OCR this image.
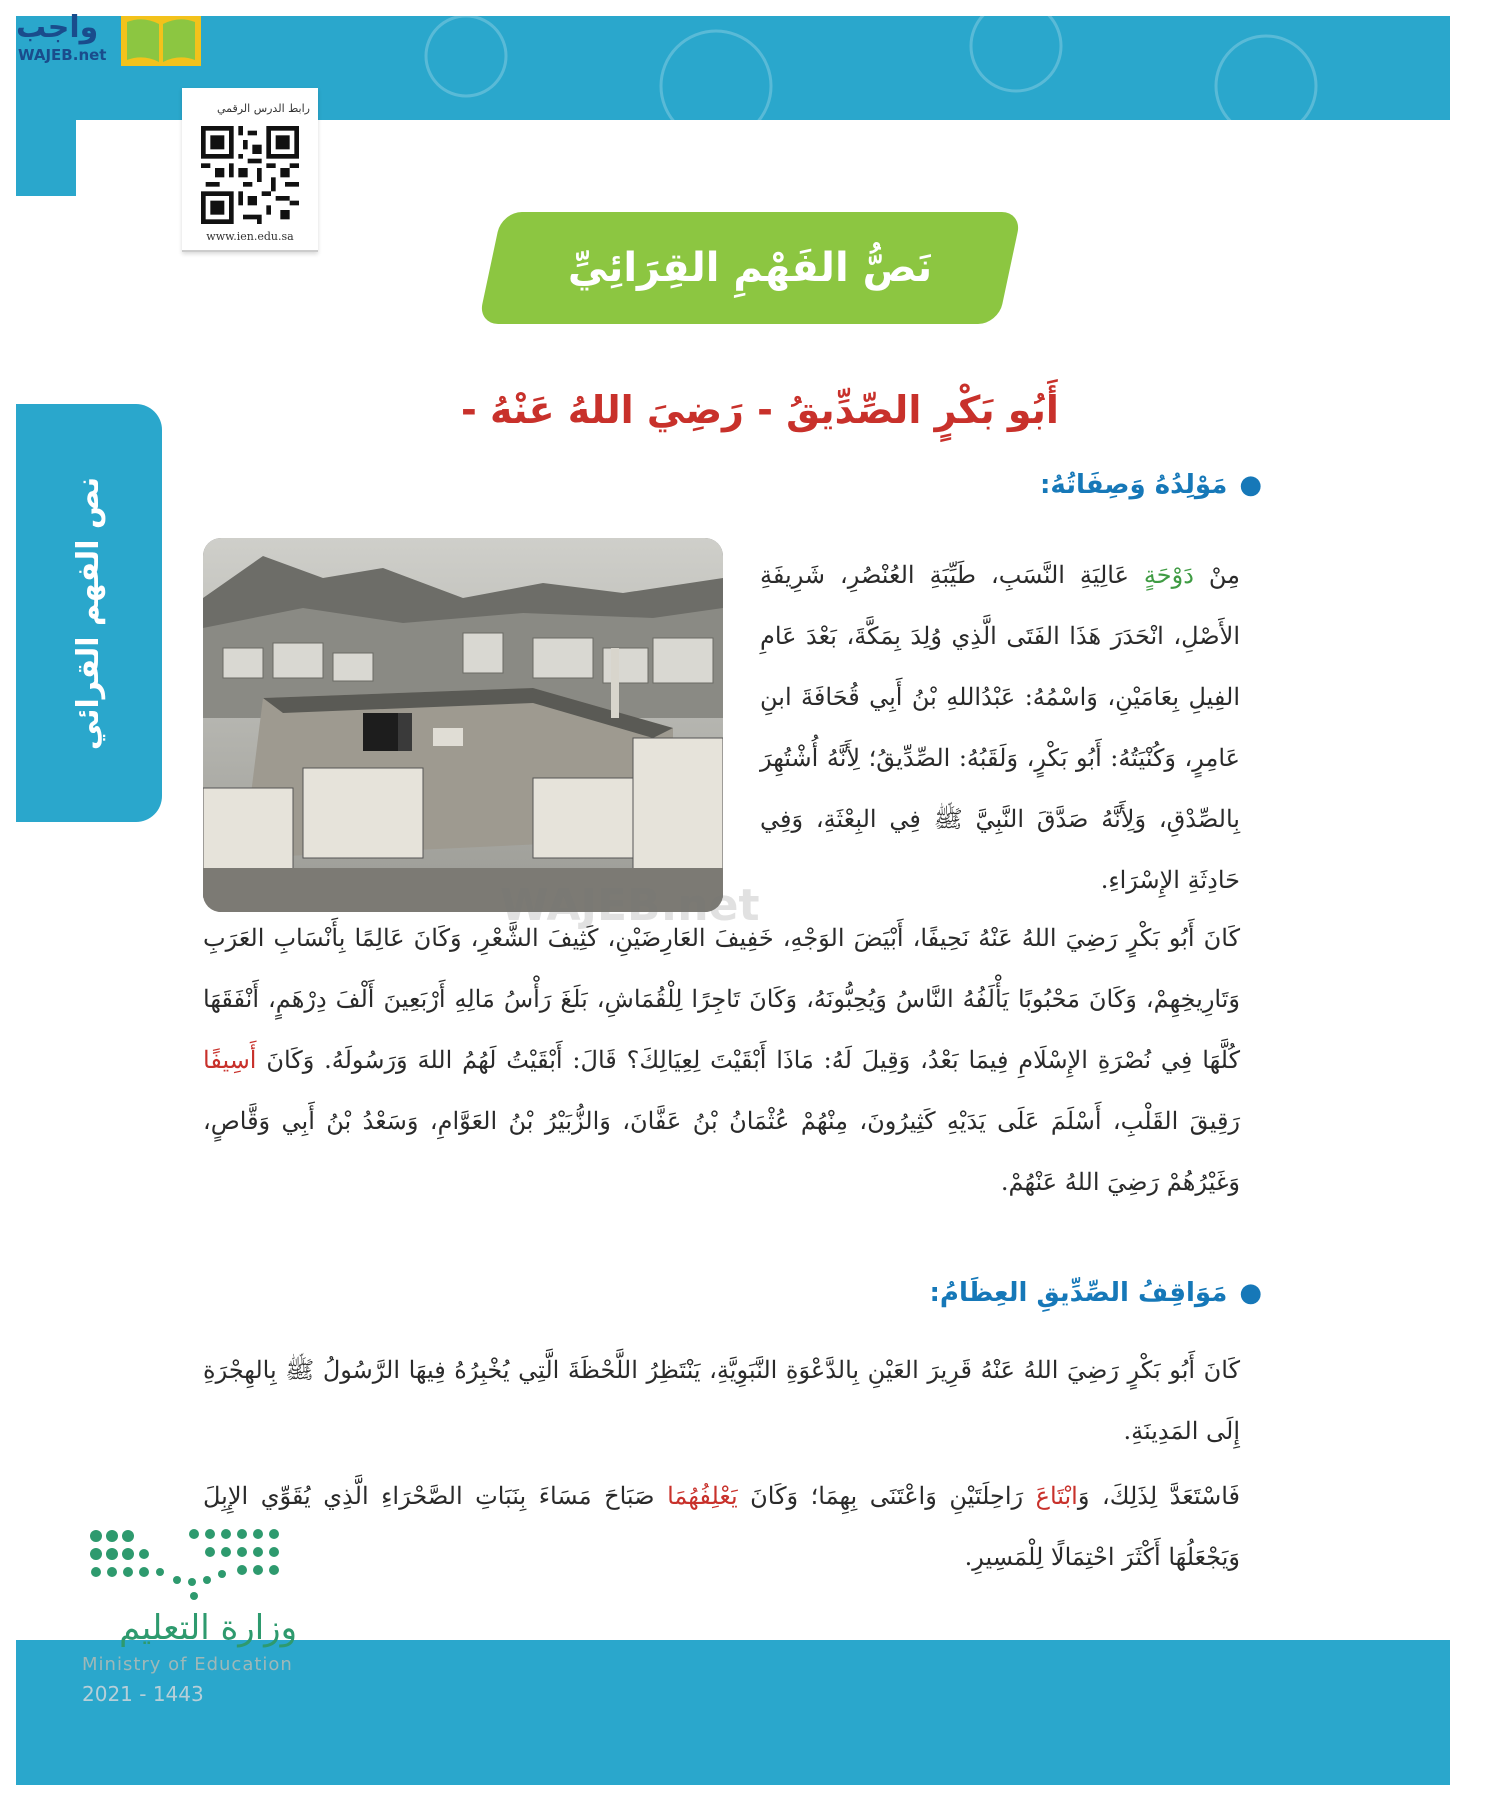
واجب
WAJEB.net
رابط الدرس الرقمي
www.ien.edu.sa
نَصُّ الفَهْمِ القِرَائِيِّ
نص الفهم القرائي
أَبُو بَكْرٍ الصِّدِّيقُ - رَضِيَ اللهُ عَنْهُ -
●مَوْلِدُهُ وَصِفَاتُهُ:
مِنْ دَوْحَةٍ عَالِيَةِ النَّسَبِ، طَيِّبَةِ العُنْصُرِ، شَرِيفَةِ الأَصْلِ، انْحَدَرَ هَذَا الفَتَى الَّذِي وُلِدَ بِمَكَّةَ، بَعْدَ عَامِ الفِيلِ بِعَامَيْنِ، وَاسْمُهُ: عَبْدُاللهِ بْنُ أَبِي قُحَافَةَ ابنِ عَامِرٍ، وَكُنْيَتُهُ: أَبُو بَكْرٍ، وَلَقَبُهُ: الصِّدِّيقُ؛ لِأَنَّهُ أُشْتُهِرَ بِالصِّدْقِ، وَلِأَنَّهُ صَدَّقَ النَّبِيَّ ﷺ فِي البِعْثَةِ، وَفِي حَادِثَةِ الإِسْرَاءِ.
كَانَ أَبُو بَكْرٍ رَضِيَ اللهُ عَنْهُ نَحِيفًا، أَبْيَضَ الوَجْهِ، خَفِيفَ العَارِضَيْنِ، كَثِيفَ الشَّعْرِ، وَكَانَ عَالِمًا بِأَنْسَابِ العَرَبِ وَتَارِيخِهِمْ، وَكَانَ مَحْبُوبًا يَأْلَفُهُ النَّاسُ وَيُحِبُّونَهُ، وَكَانَ تَاجِرًا لِلْقُمَاشِ، بَلَغَ رَأْسُ مَالِهِ أَرْبَعِينَ أَلْفَ دِرْهَمٍ، أَنْفَقَهَا كُلَّهَا فِي نُصْرَةِ الإِسْلَامِ فِيمَا بَعْدُ، وَقِيلَ لَهُ: مَاذَا أَبْقَيْتَ لِعِيَالِكَ؟ قَالَ: أَبْقَيْتُ لَهُمُ اللهَ وَرَسُولَهُ. وَكَانَ أَسِيفًا رَقِيقَ القَلْبِ، أَسْلَمَ عَلَى يَدَيْهِ كَثِيرُونَ، مِنْهُمْ عُثْمَانُ بْنُ عَفَّانَ، وَالزُّبَيْرُ بْنُ العَوَّامِ، وَسَعْدُ بْنُ أَبِي وَقَّاصٍ، وَغَيْرُهُمْ رَضِيَ اللهُ عَنْهُمْ.
WAJEB.net
●مَوَاقِفُ الصِّدِّيقِ العِظَامُ:
كَانَ أَبُو بَكْرٍ رَضِيَ اللهُ عَنْهُ قَرِيرَ العَيْنِ بِالدَّعْوَةِ النَّبَوِيَّةِ، يَنْتَظِرُ اللَّحْظَةَ الَّتِي يُخْبِرُهُ فِيهَا الرَّسُولُ ﷺ بِالهِجْرَةِ إِلَى المَدِينَةِ.
فَاسْتَعَدَّ لِذَلِكَ، وَابْتَاعَ رَاحِلَتَيْنِ وَاعْتَنَى بِهِمَا؛ وَكَانَ يَعْلِفُهُمَا صَبَاحَ مَسَاءَ بِنَبَاتِ الصَّحْرَاءِ الَّذِي يُقَوِّي الإِبِلَ وَيَجْعَلُهَا أَكْثَرَ احْتِمَالًا لِلْمَسِيرِ.
وزارة التعليم
Ministry of Education
2021 - 1443
